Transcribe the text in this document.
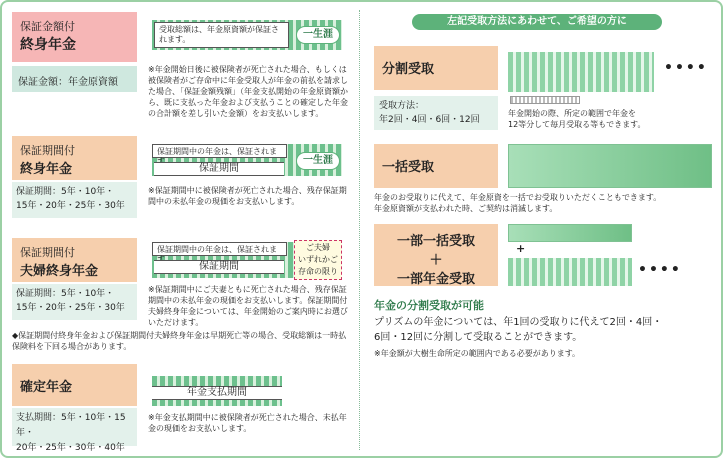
保証金額付
終身年金
保証金額：年金原資額
受取総額は、年金原資額が保証されます。	一生涯
※年金開始日後に被保険者が死亡された場合、もしくは被保険者がご存命中に年金受取人が年金の前払を請求した場合、「保証金額残額」（年金支払開始の年金原資額から、既に支払った年金および支払うことの確定した年金の合計額を差し引いた金額）をお支払いします。
保証期間付
終身年金
保証期間：5年・10年・
15年・20年・25年・30年
保証期間中の年金は、保証されま
保証期間
一生涯
※保証期間中に被保険者が死亡された場合、残存保証期間中の未払年金の現価をお支払いします。
保証期間付
夫婦終身年金
保証期間：5年・10年・
15年・20年・25年・30年
保証期間中の年金は、保証されま
保証期間
ご夫婦
いずれかご
存命の限り
※保証期間中にご夫妻ともに死亡された場合、残存保証期間中の未払年金の現価をお支払いします。保証期間付夫婦終身年金については、年金開始のご案内時にお選びいただけます。
◆保証期間付終身年金および保証期間付夫婦終身年金は早期死亡等の場合、受取総額は一時払保険料を下回る場合があります。
確定年金
支払期間：5年・10年・15年・
20年・25年・30年・40年
年金支払期間
※年金支払期間中に被保険者が死亡された場合、未払年金の現価をお支払いします。
左記受取方法にあわせて、ご希望の方に
分割受取	••••
受取方法：
年2回・4回・6回・12回
年金開始の際、所定の範囲で年金を
12等分して毎月受取る等もできます。
一括受取
年金のお受取りに代えて、年金原資を一括でお受取りいただくこともできます。
年金原資額が支払われた時、ご契約は消滅します。
一部一括受取
＋
一部年金受取
+
••••
年金の分割受取が可能
プリズムの年金については、年1回の受取りに代えて2回・4回・
6回・12回に分割して受取ることができます。
※年金額が大樹生命所定の範囲内である必要があります。
